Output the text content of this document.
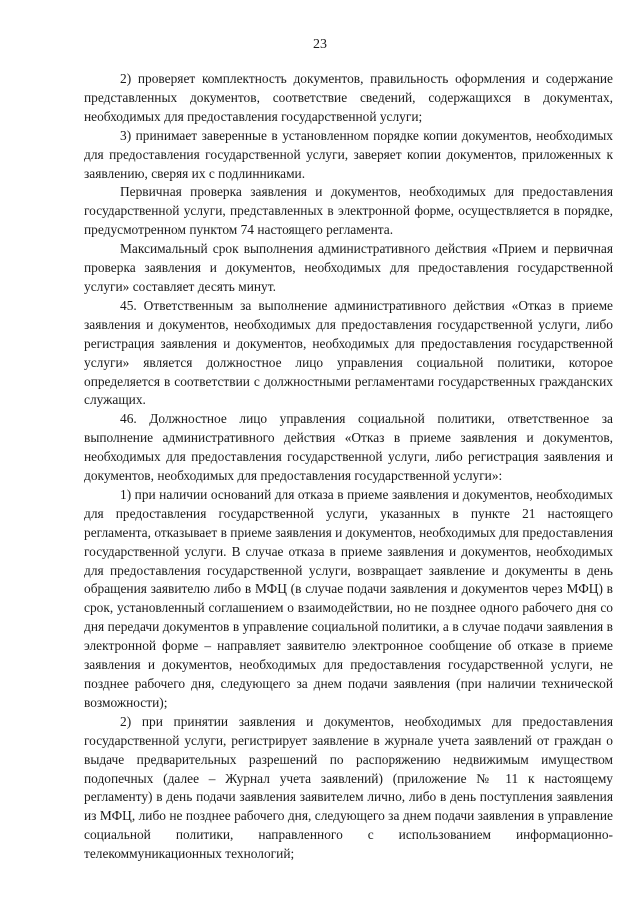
23

2) проверяет комплектность документов, правильность оформления и содержание представленных документов, соответствие сведений, содержащихся в документах, необходимых для предоставления государственной услуги;

3) принимает заверенные в установленном порядке копии документов, необходимых для предоставления государственной услуги, заверяет копии документов, приложенных к заявлению, сверяя их с подлинниками.

Первичная проверка заявления и документов, необходимых для предоставления государственной услуги, представленных в электронной форме, осуществляется в порядке, предусмотренном пунктом 74 настоящего регламента.

Максимальный срок выполнения административного действия «Прием и первичная проверка заявления и документов, необходимых для предоставления государственной услуги» составляет десять минут.

45. Ответственным за выполнение административного действия «Отказ в приеме заявления и документов, необходимых для предоставления государственной услуги, либо регистрация заявления и документов, необходимых для предоставления государственной услуги» является должностное лицо управления социальной политики, которое определяется в соответствии с должностными регламентами государственных гражданских служащих.

46. Должностное лицо управления социальной политики, ответственное за выполнение административного действия «Отказ в приеме заявления и документов, необходимых для предоставления государственной услуги, либо регистрация заявления и документов, необходимых для предоставления государственной услуги»:

1) при наличии оснований для отказа в приеме заявления и документов, необходимых для предоставления государственной услуги, указанных в пункте 21 настоящего регламента, отказывает в приеме заявления и документов, необходимых для предоставления государственной услуги. В случае отказа в приеме заявления и документов, необходимых для предоставления государственной услуги, возвращает заявление и документы в день обращения заявителю либо в МФЦ (в случае подачи заявления и документов через МФЦ) в срок, установленный соглашением о взаимодействии, но не позднее одного рабочего дня со дня передачи документов в управление социальной политики, а в случае подачи заявления в электронной форме – направляет заявителю электронное сообщение об отказе в приеме заявления и документов, необходимых для предоставления государственной услуги, не позднее рабочего дня, следующего за днем подачи заявления (при наличии технической возможности);

2) при принятии заявления и документов, необходимых для предоставления государственной услуги, регистрирует заявление в журнале учета заявлений от граждан о выдаче предварительных разрешений по распоряжению недвижимым имуществом подопечных (далее – Журнал учета заявлений) (приложение № 11 к настоящему регламенту) в день подачи заявления заявителем лично, либо в день поступления заявления из МФЦ, либо не позднее рабочего дня, следующего за днем подачи заявления в управление социальной политики, направленного с использованием информационно-телекоммуникационных технологий;
